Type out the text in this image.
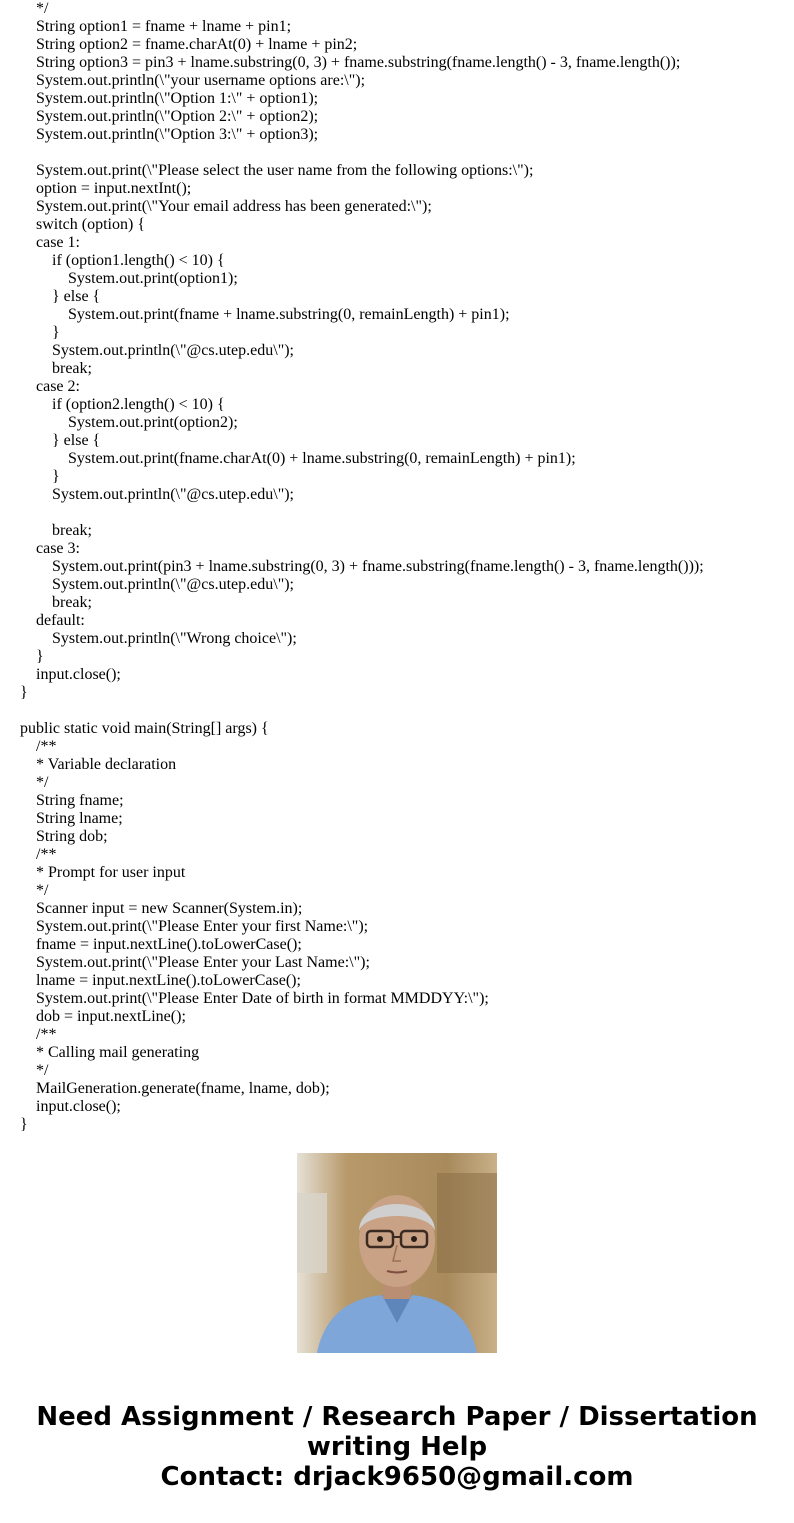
*/
String option1 = fname + lname + pin1;
String option2 = fname.charAt(0) + lname + pin2;
String option3 = pin3 + lname.substring(0, 3) + fname.substring(fname.length() - 3, fname.length());
System.out.println(\"your username options are:\");
System.out.println(\"Option 1:\" + option1);
System.out.println(\"Option 2:\" + option2);
System.out.println(\"Option 3:\" + option3);
System.out.print(\"Please select the user name from the following options:\");
option = input.nextInt();
System.out.print(\"Your email address has been generated:\");
switch (option) {
case 1:
if (option1.length() < 10) {
System.out.print(option1);
} else {
System.out.print(fname + lname.substring(0, remainLength) + pin1);
}
System.out.println(\"@cs.utep.edu\");
break;
case 2:
if (option2.length() < 10) {
System.out.print(option2);
} else {
System.out.print(fname.charAt(0) + lname.substring(0, remainLength) + pin1);
}
System.out.println(\"@cs.utep.edu\");
break;
case 3:
System.out.print(pin3 + lname.substring(0, 3) + fname.substring(fname.length() - 3, fname.length()));
System.out.println(\"@cs.utep.edu\");
break;
default:
System.out.println(\"Wrong choice\");
}
input.close();
}
public static void main(String[] args) {
/**
* Variable declaration
*/
String fname;
String lname;
String dob;
/**
* Prompt for user input
*/
Scanner input = new Scanner(System.in);
System.out.print(\"Please Enter your first Name:\");
fname = input.nextLine().toLowerCase();
System.out.print(\"Please Enter your Last Name:\");
lname = input.nextLine().toLowerCase();
System.out.print(\"Please Enter Date of birth in format MMDDYY:\");
dob = input.nextLine();
/**
* Calling mail generating
*/
MailGeneration.generate(fname, lname, dob);
input.close();
}
Need Assignment / Research Paper / Dissertation
writing Help
Contact: drjack9650@gmail.com
